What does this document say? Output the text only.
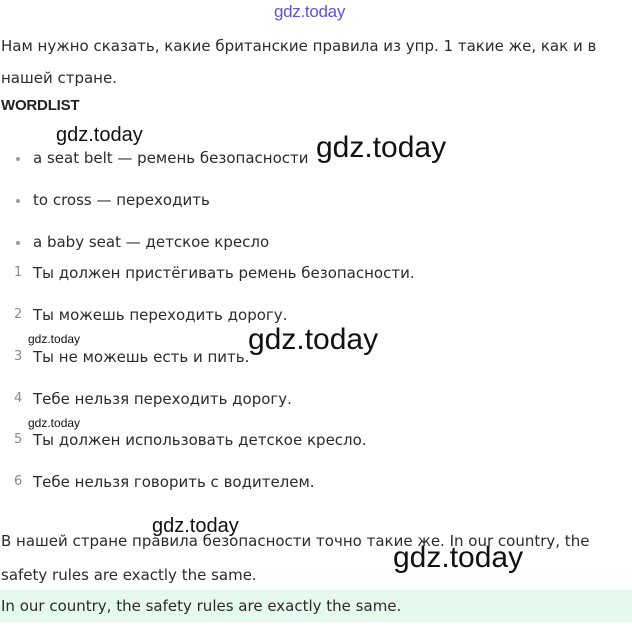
gdz.today

Нам нужно сказать, какие британские правила из упр. 1 такие же, как и в нашей стране.

WORDLIST
a seat belt — ремень безопасности
to cross — переходить
a baby seat — детское кресло
1 Ты должен пристёгивать ремень безопасности.
2 Ты можешь переходить дорогу.
3 Ты не можешь есть и пить.
4 Тебе нельзя переходить дорогу.
5 Ты должен использовать детское кресло.
6 Тебе нельзя говорить с водителем.

В нашей стране правила безопасности точно такие же. In our country, the safety rules are exactly the same.

In our country, the safety rules are exactly the same.
gdz.today	gdz.today
gdz.today	gdz.today
gdz.today
gdz.today
gdz.today
